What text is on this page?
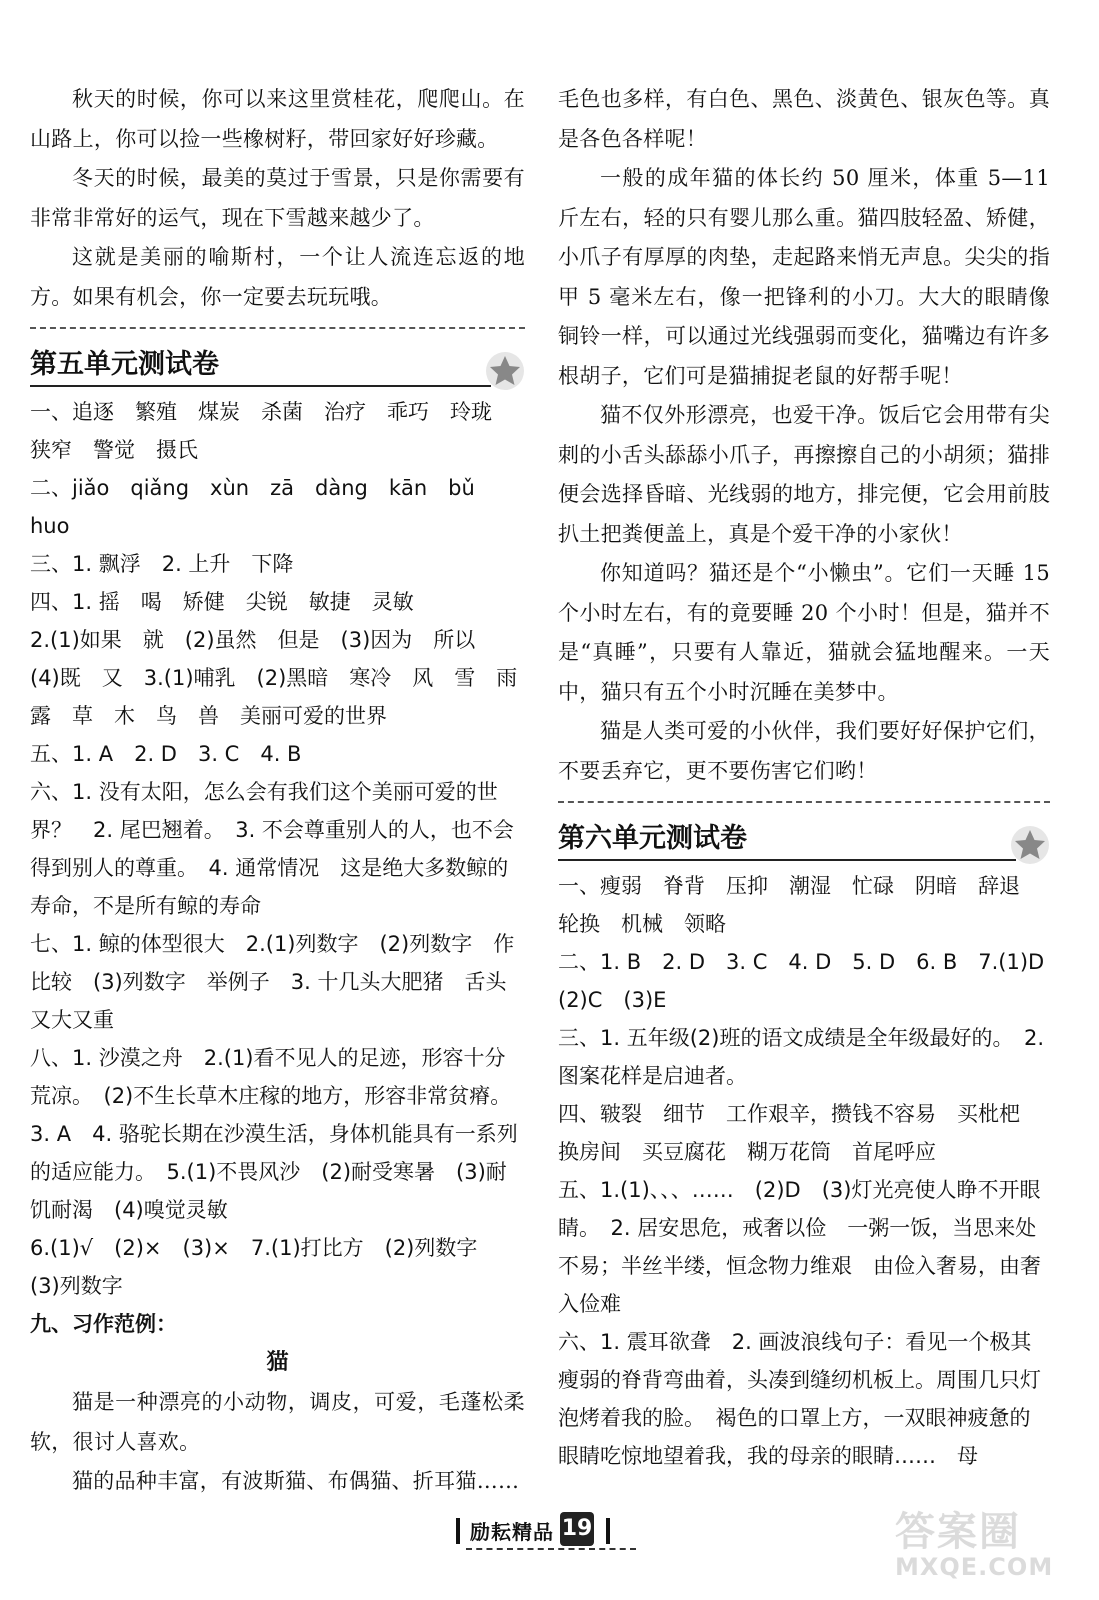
秋天的时候，你可以来这里赏桂花，爬爬山。在山路上，你可以捡一些橡树籽，带回家好好珍藏。

冬天的时候，最美的莫过于雪景，只是你需要有非常非常好的运气，现在下雪越来越少了。

这就是美丽的喻斯村，一个让人流连忘返的地方。如果有机会，你一定要去玩玩哦。

第五单元测试卷

一、追逐　繁殖　煤炭　杀菌　治疗　乖巧　玲珑　狭窄　警觉　摄氏

二、jiǎo　qiǎng　xùn　zā　dàng　kān　bǔ　huo

三、1. 飘浮　2. 上升　下降

四、1. 摇　喝　矫健　尖锐　敏捷　灵敏

2.(1)如果　就　(2)虽然　但是　(3)因为　所以　(4)既　又　3.(1)哺乳　(2)黑暗　寒冷　风　雪　雨　露　草　木　鸟　兽　美丽可爱的世界

五、1. A　2. D　3. C　4. B

六、1. 没有太阳，怎么会有我们这个美丽可爱的世界？　2. 尾巴翘着。　3. 不会尊重别人的人，也不会得到别人的尊重。　4. 通常情况　这是绝大多数鲸的寿命，不是所有鲸的寿命

七、1. 鲸的体型很大　2.(1)列数字　(2)列数字　作比较　(3)列数字　举例子　3. 十几头大肥猪　舌头又大又重

八、1. 沙漠之舟　2.(1)看不见人的足迹，形容十分荒凉。　(2)不生长草木庄稼的地方，形容非常贫瘠。　3. A　4. 骆驼长期在沙漠生活，身体机能具有一系列的适应能力。　5.(1)不畏风沙　(2)耐受寒暑　(3)耐饥耐渴　(4)嗅觉灵敏

6.(1)√　(2)×　(3)×　7.(1)打比方　(2)列数字　(3)列数字

九、习作范例：

猫

猫是一种漂亮的小动物，调皮，可爱，毛蓬松柔软，很讨人喜欢。

猫的品种丰富，有波斯猫、布偶猫、折耳猫……

毛色也多样，有白色、黑色、淡黄色、银灰色等。真是各色各样呢！

一般的成年猫的体长约 50 厘米，体重 5—11 斤左右，轻的只有婴儿那么重。猫四肢轻盈、矫健，小爪子有厚厚的肉垫，走起路来悄无声息。尖尖的指甲 5 毫米左右，像一把锋利的小刀。大大的眼睛像铜铃一样，可以通过光线强弱而变化，猫嘴边有许多根胡子，它们可是猫捕捉老鼠的好帮手呢！

猫不仅外形漂亮，也爱干净。饭后它会用带有尖刺的小舌头舔舔小爪子，再擦擦自己的小胡须；猫排便会选择昏暗、光线弱的地方，排完便，它会用前肢扒土把粪便盖上，真是个爱干净的小家伙！

你知道吗？猫还是个“小懒虫”。它们一天睡 15 个小时左右，有的竟要睡 20 个小时！但是，猫并不是“真睡”，只要有人靠近，猫就会猛地醒来。一天中，猫只有五个小时沉睡在美梦中。

猫是人类可爱的小伙伴，我们要好好保护它们，不要丢弃它，更不要伤害它们哟！

第六单元测试卷

一、瘦弱　脊背　压抑　潮湿　忙碌　阴暗　辞退　轮换　机械　领略

二、1. B　2. D　3. C　4. D　5. D　6. B　7.(1)D　(2)C　(3)E

三、1. 五年级(2)班的语文成绩是全年级最好的。　2. 图案花样是启迪者。

四、皲裂　细节　工作艰辛，攒钱不容易　买枇杷　换房间　买豆腐花　糊万花筒　首尾呼应

五、1.(1)、、、……　(2)D　(3)灯光亮使人睁不开眼睛。　2. 居安思危，戒奢以俭　一粥一饭，当思来处不易；半丝半缕，恒念物力维艰　由俭入奢易，由奢入俭难

六、1. 震耳欲聋　2. 画波浪线句子：看见一个极其瘦弱的脊背弯曲着，头凑到缝纫机板上。周围几只灯泡烤着我的脸。　褐色的口罩上方，一双眼神疲惫的眼睛吃惊地望着我，我的母亲的眼睛……　母

励耘精品 19	答案圈
MXQE.COM
